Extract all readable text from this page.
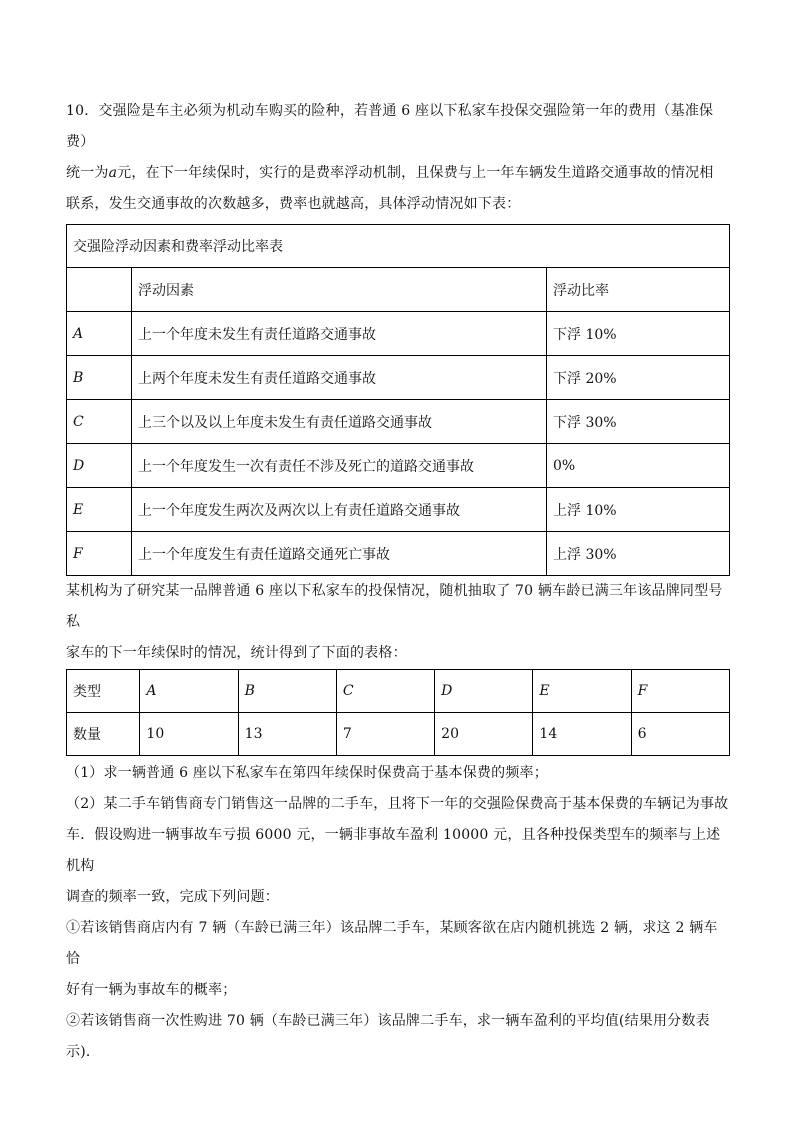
10．交强险是车主必须为机动车购买的险种，若普通 6 座以下私家车投保交强险第一年的费用（基准保费）

统一为a元，在下一年续保时，实行的是费率浮动机制，且保费与上一年车辆发生道路交通事故的情况相

联系，发生交通事故的次数越多，费率也就越高，具体浮动情况如下表：

交强险浮动因素和费率浮动比率表		
	浮动因素	浮动比率
A	上一个年度未发生有责任道路交通事故	下浮 10%
B	上两个年度未发生有责任道路交通事故	下浮 20%
C	上三个以及以上年度未发生有责任道路交通事故	下浮 30%
D	上一个年度发生一次有责任不涉及死亡的道路交通事故	0%
E	上一个年度发生两次及两次以上有责任道路交通事故	上浮 10%
F	上一个年度发生有责任道路交通死亡事故	上浮 30%

某机构为了研究某一品牌普通 6 座以下私家车的投保情况，随机抽取了 70 辆车龄已满三年该品牌同型号私

家车的下一年续保时的情况，统计得到了下面的表格：

类型	A	B	C	D	E	F
数量	10	13	7	20	14	6

（1）求一辆普通 6 座以下私家车在第四年续保时保费高于基本保费的频率；

（2）某二手车销售商专门销售这一品牌的二手车，且将下一年的交强险保费高于基本保费的车辆记为事故

车．假设购进一辆事故车亏损 6000 元，一辆非事故车盈利 10000 元，且各种投保类型车的频率与上述机构

调查的频率一致，完成下列问题：

①若该销售商店内有 7 辆（车龄已满三年）该品牌二手车，某顾客欲在店内随机挑选 2 辆，求这 2 辆车恰

好有一辆为事故车的概率；

②若该销售商一次性购进 70 辆（车龄已满三年）该品牌二手车，求一辆车盈利的平均值(结果用分数表

示)．
